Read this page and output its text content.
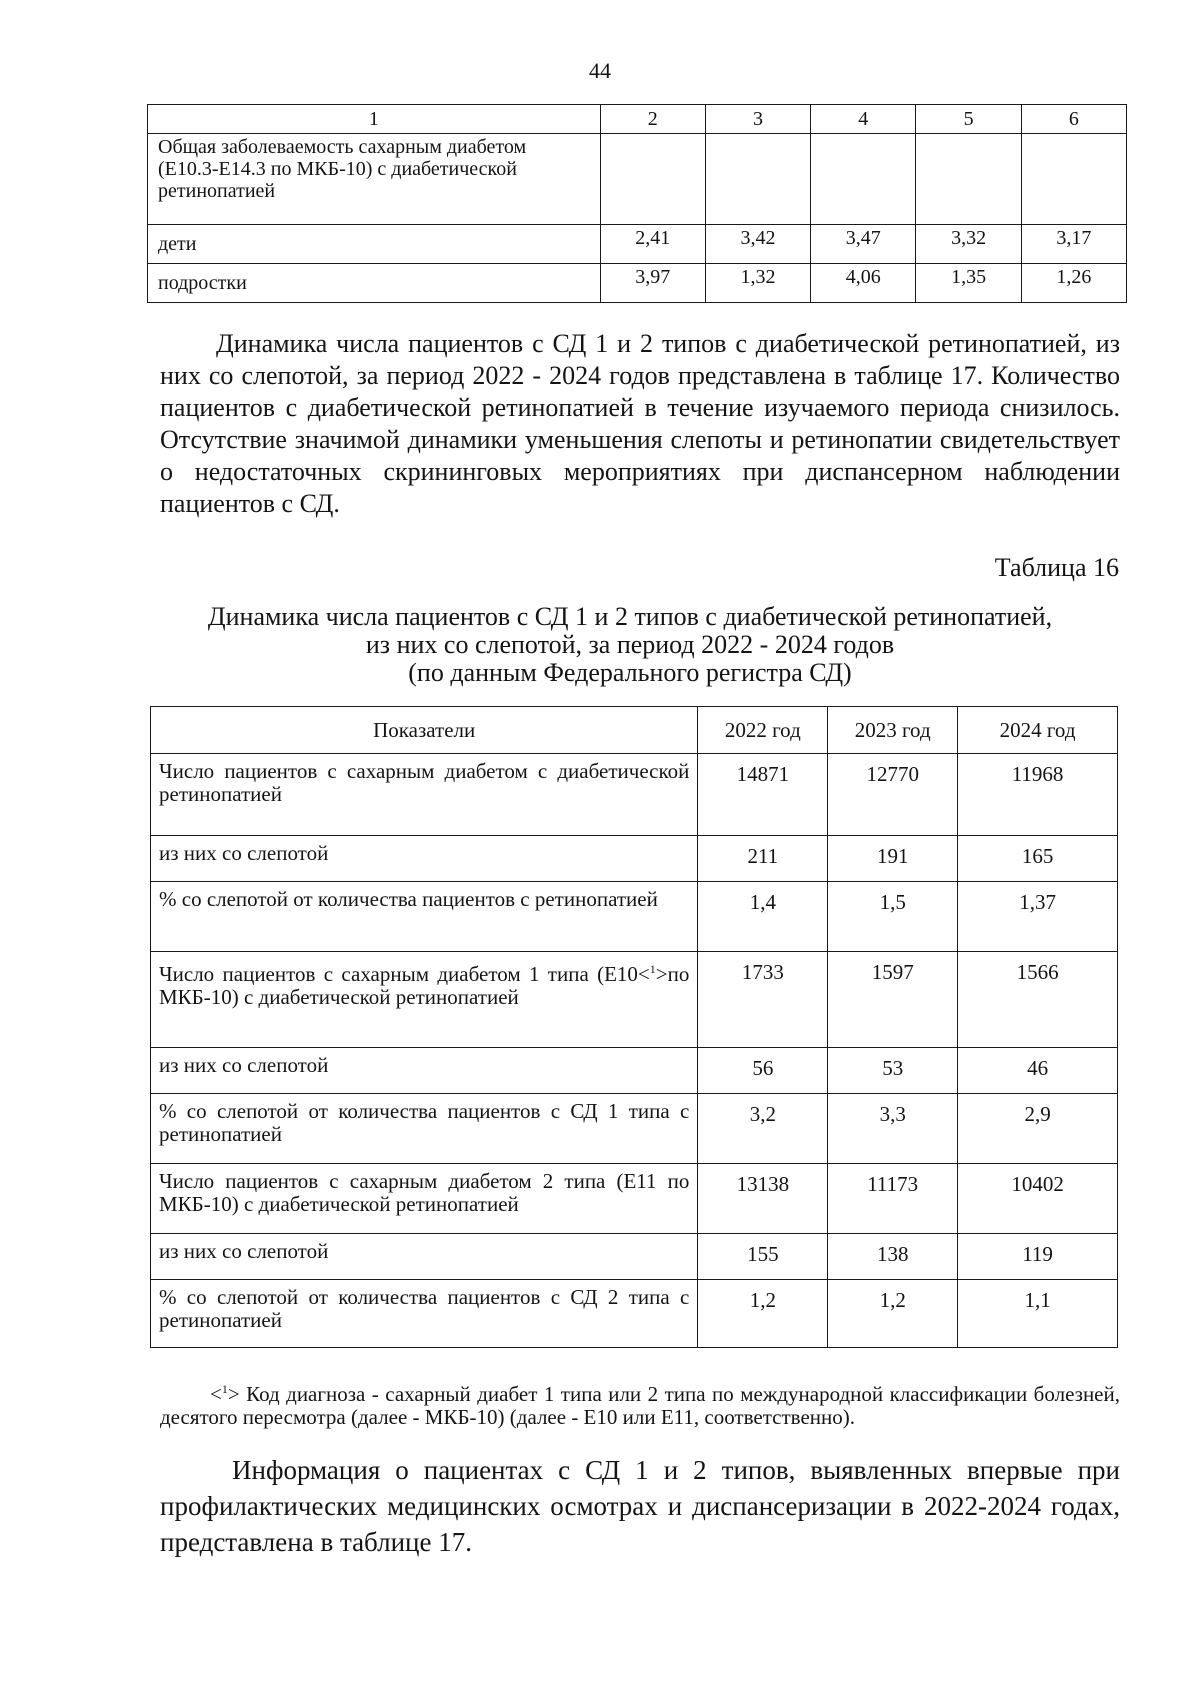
44
1	2	3	4	5	6
Общая заболеваемость сахарным диабетом (Е10.3-Е14.3 по МКБ-10) с диабетической ретинопатией					
дети	2,41	3,42	3,47	3,32	3,17
подростки	3,97	1,32	4,06	1,35	1,26
Динамика числа пациентов с СД 1 и 2 типов с диабетической ретинопатией, из них со слепотой, за период 2022 - 2024 годов представлена в таблице 17. Количество пациентов с диабетической ретинопатией в течение изучаемого периода снизилось. Отсутствие значимой динамики уменьшения слепоты и ретинопатии свидетельствует о недостаточных скрининговых мероприятиях при диспансерном наблюдении пациентов с СД.
Таблица 16
Динамика числа пациентов с СД 1 и 2 типов с диабетической ретинопатией,
из них со слепотой, за период 2022 - 2024 годов
(по данным Федерального регистра СД)
Показатели	2022 год	2023 год	2024 год
Число пациентов с сахарным диабетом с диабетической ретинопатией	14871	12770	11968
из них со слепотой	211	191	165
% со слепотой от количества пациентов с ретинопатией	1,4	1,5	1,37
Число пациентов с сахарным диабетом 1 типа (Е10<$^1$>по МКБ-10) с диабетической ретинопатией	1733	1597	1566
из них со слепотой	56	53	46
% со слепотой от количества пациентов с СД 1 типа с ретинопатией	3,2	3,3	2,9
Число пациентов с сахарным диабетом 2 типа (Е11 по МКБ-10) с диабетической ретинопатией	13138	11173	10402
из них со слепотой	155	138	119
% со слепотой от количества пациентов с СД 2 типа с ретинопатией	1,2	1,2	1,1
<$^1$> Код диагноза - сахарный диабет 1 типа или 2 типа по международной классификации болезней, десятого пересмотра (далее - МКБ-10) (далее - Е10 или Е11, соответственно).
Информация о пациентах с СД 1 и 2 типов, выявленных впервые при профилактических медицинских осмотрах и диспансеризации в 2022-2024 годах, представлена в таблице 17.
